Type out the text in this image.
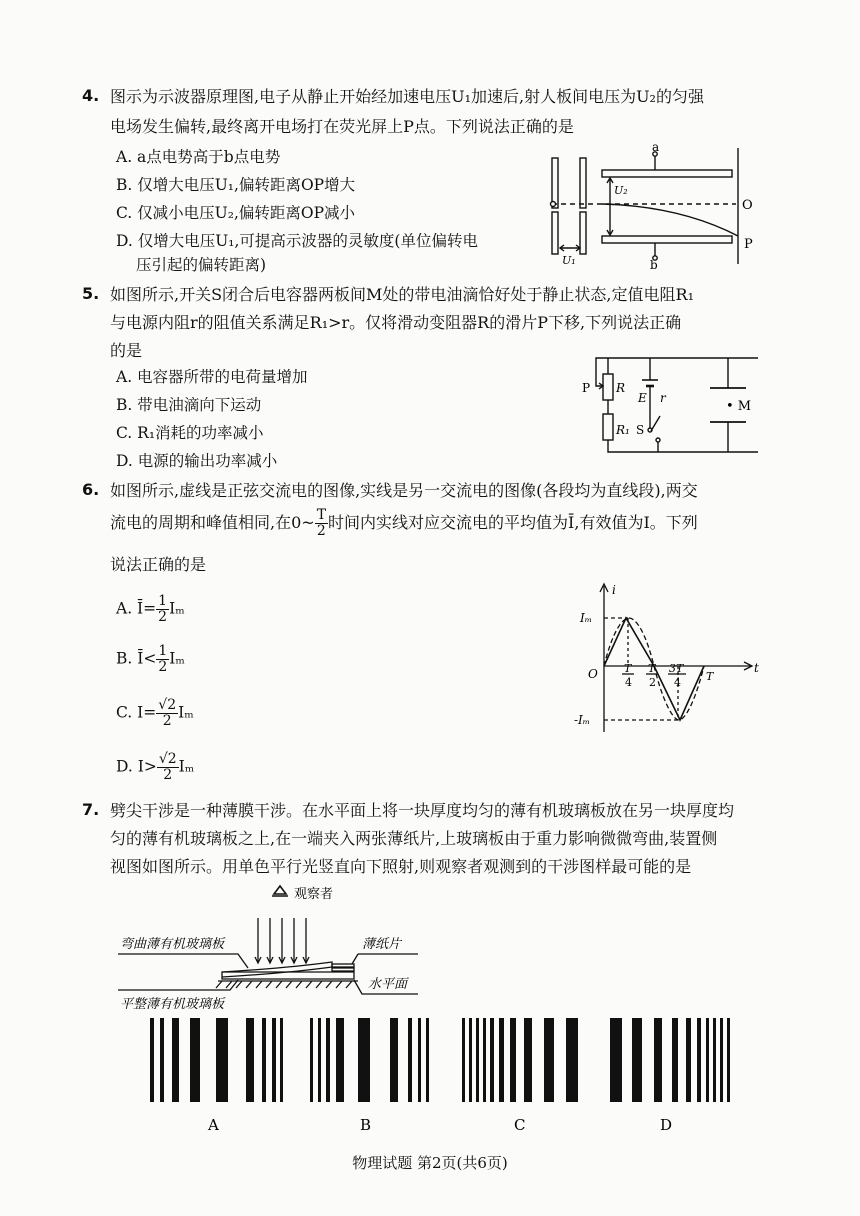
4. 图示为示波器原理图,电子从静止开始经加速电压U₁加速后,射人板间电压为U₂的匀强
电场发生偏转,最终离开电场打在荧光屏上P点。下列说法正确的是
A. a点电势高于b点电势
B. 仅增大电压U₁,偏转距离OP增大
C. 仅减小电压U₂,偏转距离OP减小
D. 仅增大电压U₁,可提高示波器的灵敏度(单位偏转电
压引起的偏转距离)
a
b
U₂
U₁
O
P
5. 如图所示,开关S闭合后电容器两板间M处的带电油滴恰好处于静止状态,定值电阻R₁
与电源内阻r的阻值关系满足R₁>r。仅将滑动变阻器R的滑片P下移,下列说法正确
的是
A. 电容器所带的电荷量增加
B. 带电油滴向下运动
C. R₁消耗的功率减小
D. 电源的输出功率减小
P R
E r
• M
R₁ S
6. 如图所示,虚线是正弦交流电的图像,实线是另一交流电的图像(各段均为直线段),两交
流电的周期和峰值相同,在0~ $\frac{T}{2}$ 时间内实线对应交流电的平均值为Ī,有效值为I。下列
说法正确的是
A. Ī= $\frac{1}{2}$ Iₘ
B. Ī< $\frac{1}{2}$ Iₘ
C. $I= \frac{√2}{2}$ Iₘ
D. $I> \frac{√2}{2}$ Iₘ
i
t
O
Iₘ
-Iₘ
T
4
T
2
3T
4 T
7. 劈尖干涉是一种薄膜干涉。在水平面上将一块厚度均匀的薄有机玻璃板放在另一块厚度均
匀的薄有机玻璃板之上,在一端夹入两张薄纸片,上玻璃板由于重力影响微微弯曲,装置侧
视图如图所示。用单色平行光竖直向下照射,则观察者观测到的干涉图样最可能的是
观察者
弯曲薄有机玻璃板	薄纸片
平整薄有机玻璃板
水平面
A	B	C	D
物理试题 第2页(共6页)
